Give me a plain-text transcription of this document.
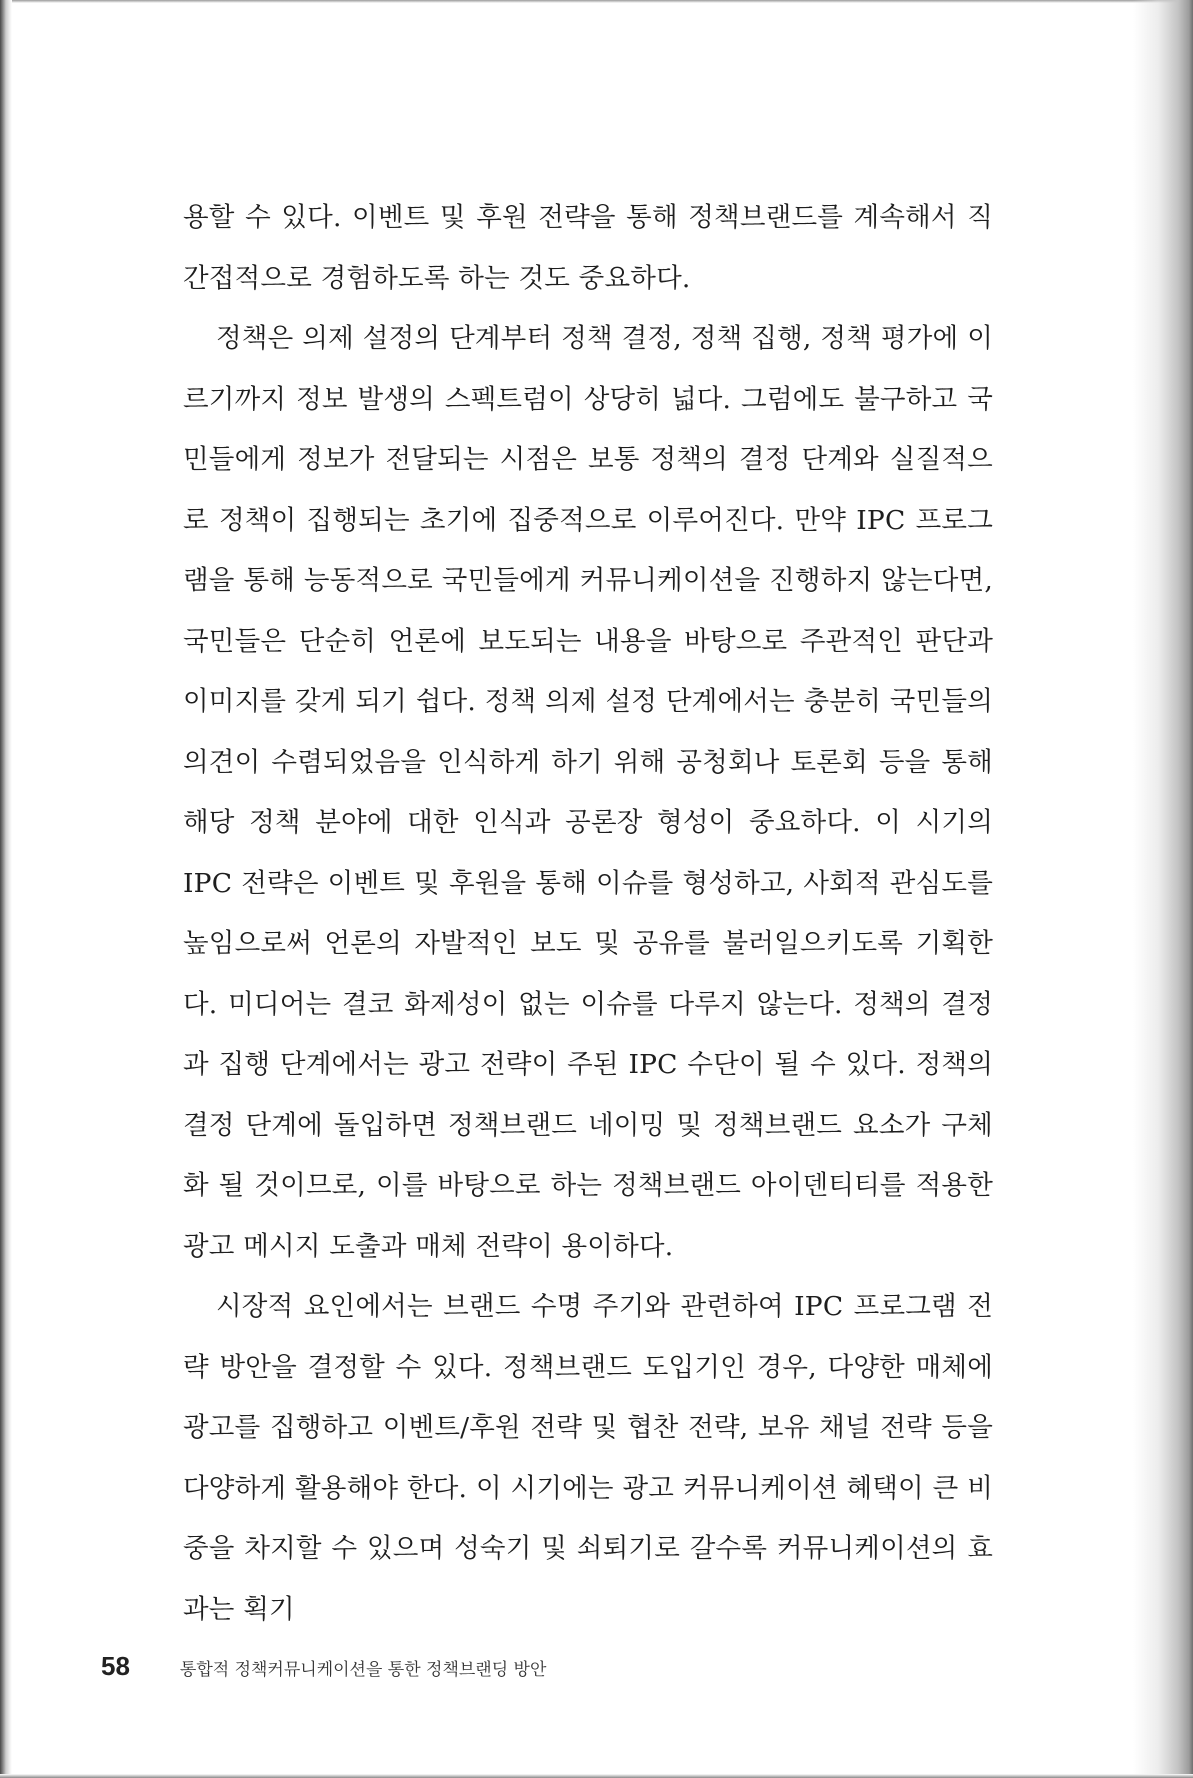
용할 수 있다. 이벤트 및 후원 전략을 통해 정책브랜드를 계속해서 직간접적으로 경험하도록 하는 것도 중요하다.

정책은 의제 설정의 단계부터 정책 결정, 정책 집행, 정책 평가에 이르기까지 정보 발생의 스펙트럼이 상당히 넓다. 그럼에도 불구하고 국민들에게 정보가 전달되는 시점은 보통 정책의 결정 단계와 실질적으로 정책이 집행되는 초기에 집중적으로 이루어진다. 만약 IPC 프로그램을 통해 능동적으로 국민들에게 커뮤니케이션을 진행하지 않는다면, 국민들은 단순히 언론에 보도되는 내용을 바탕으로 주관적인 판단과 이미지를 갖게 되기 쉽다. 정책 의제 설정 단계에서는 충분히 국민들의 의견이 수렴되었음을 인식하게 하기 위해 공청회나 토론회 등을 통해 해당 정책 분야에 대한 인식과 공론장 형성이 중요하다. 이 시기의 IPC 전략은 이벤트 및 후원을 통해 이슈를 형성하고, 사회적 관심도를 높임으로써 언론의 자발적인 보도 및 공유를 불러일으키도록 기획한다. 미디어는 결코 화제성이 없는 이슈를 다루지 않는다. 정책의 결정과 집행 단계에서는 광고 전략이 주된 IPC 수단이 될 수 있다. 정책의 결정 단계에 돌입하면 정책브랜드 네이밍 및 정책브랜드 요소가 구체화 될 것이므로, 이를 바탕으로 하는 정책브랜드 아이덴티티를 적용한 광고 메시지 도출과 매체 전략이 용이하다.

시장적 요인에서는 브랜드 수명 주기와 관련하여 IPC 프로그램 전략 방안을 결정할 수 있다. 정책브랜드 도입기인 경우, 다양한 매체에 광고를 집행하고 이벤트/후원 전략 및 협찬 전략, 보유 채널 전략 등을 다양하게 활용해야 한다. 이 시기에는 광고 커뮤니케이션 혜택이 큰 비중을 차지할 수 있으며 성숙기 및 쇠퇴기로 갈수록 커뮤니케이션의 효과는 획기

58	통합적 정책커뮤니케이션을 통한 정책브랜딩 방안
